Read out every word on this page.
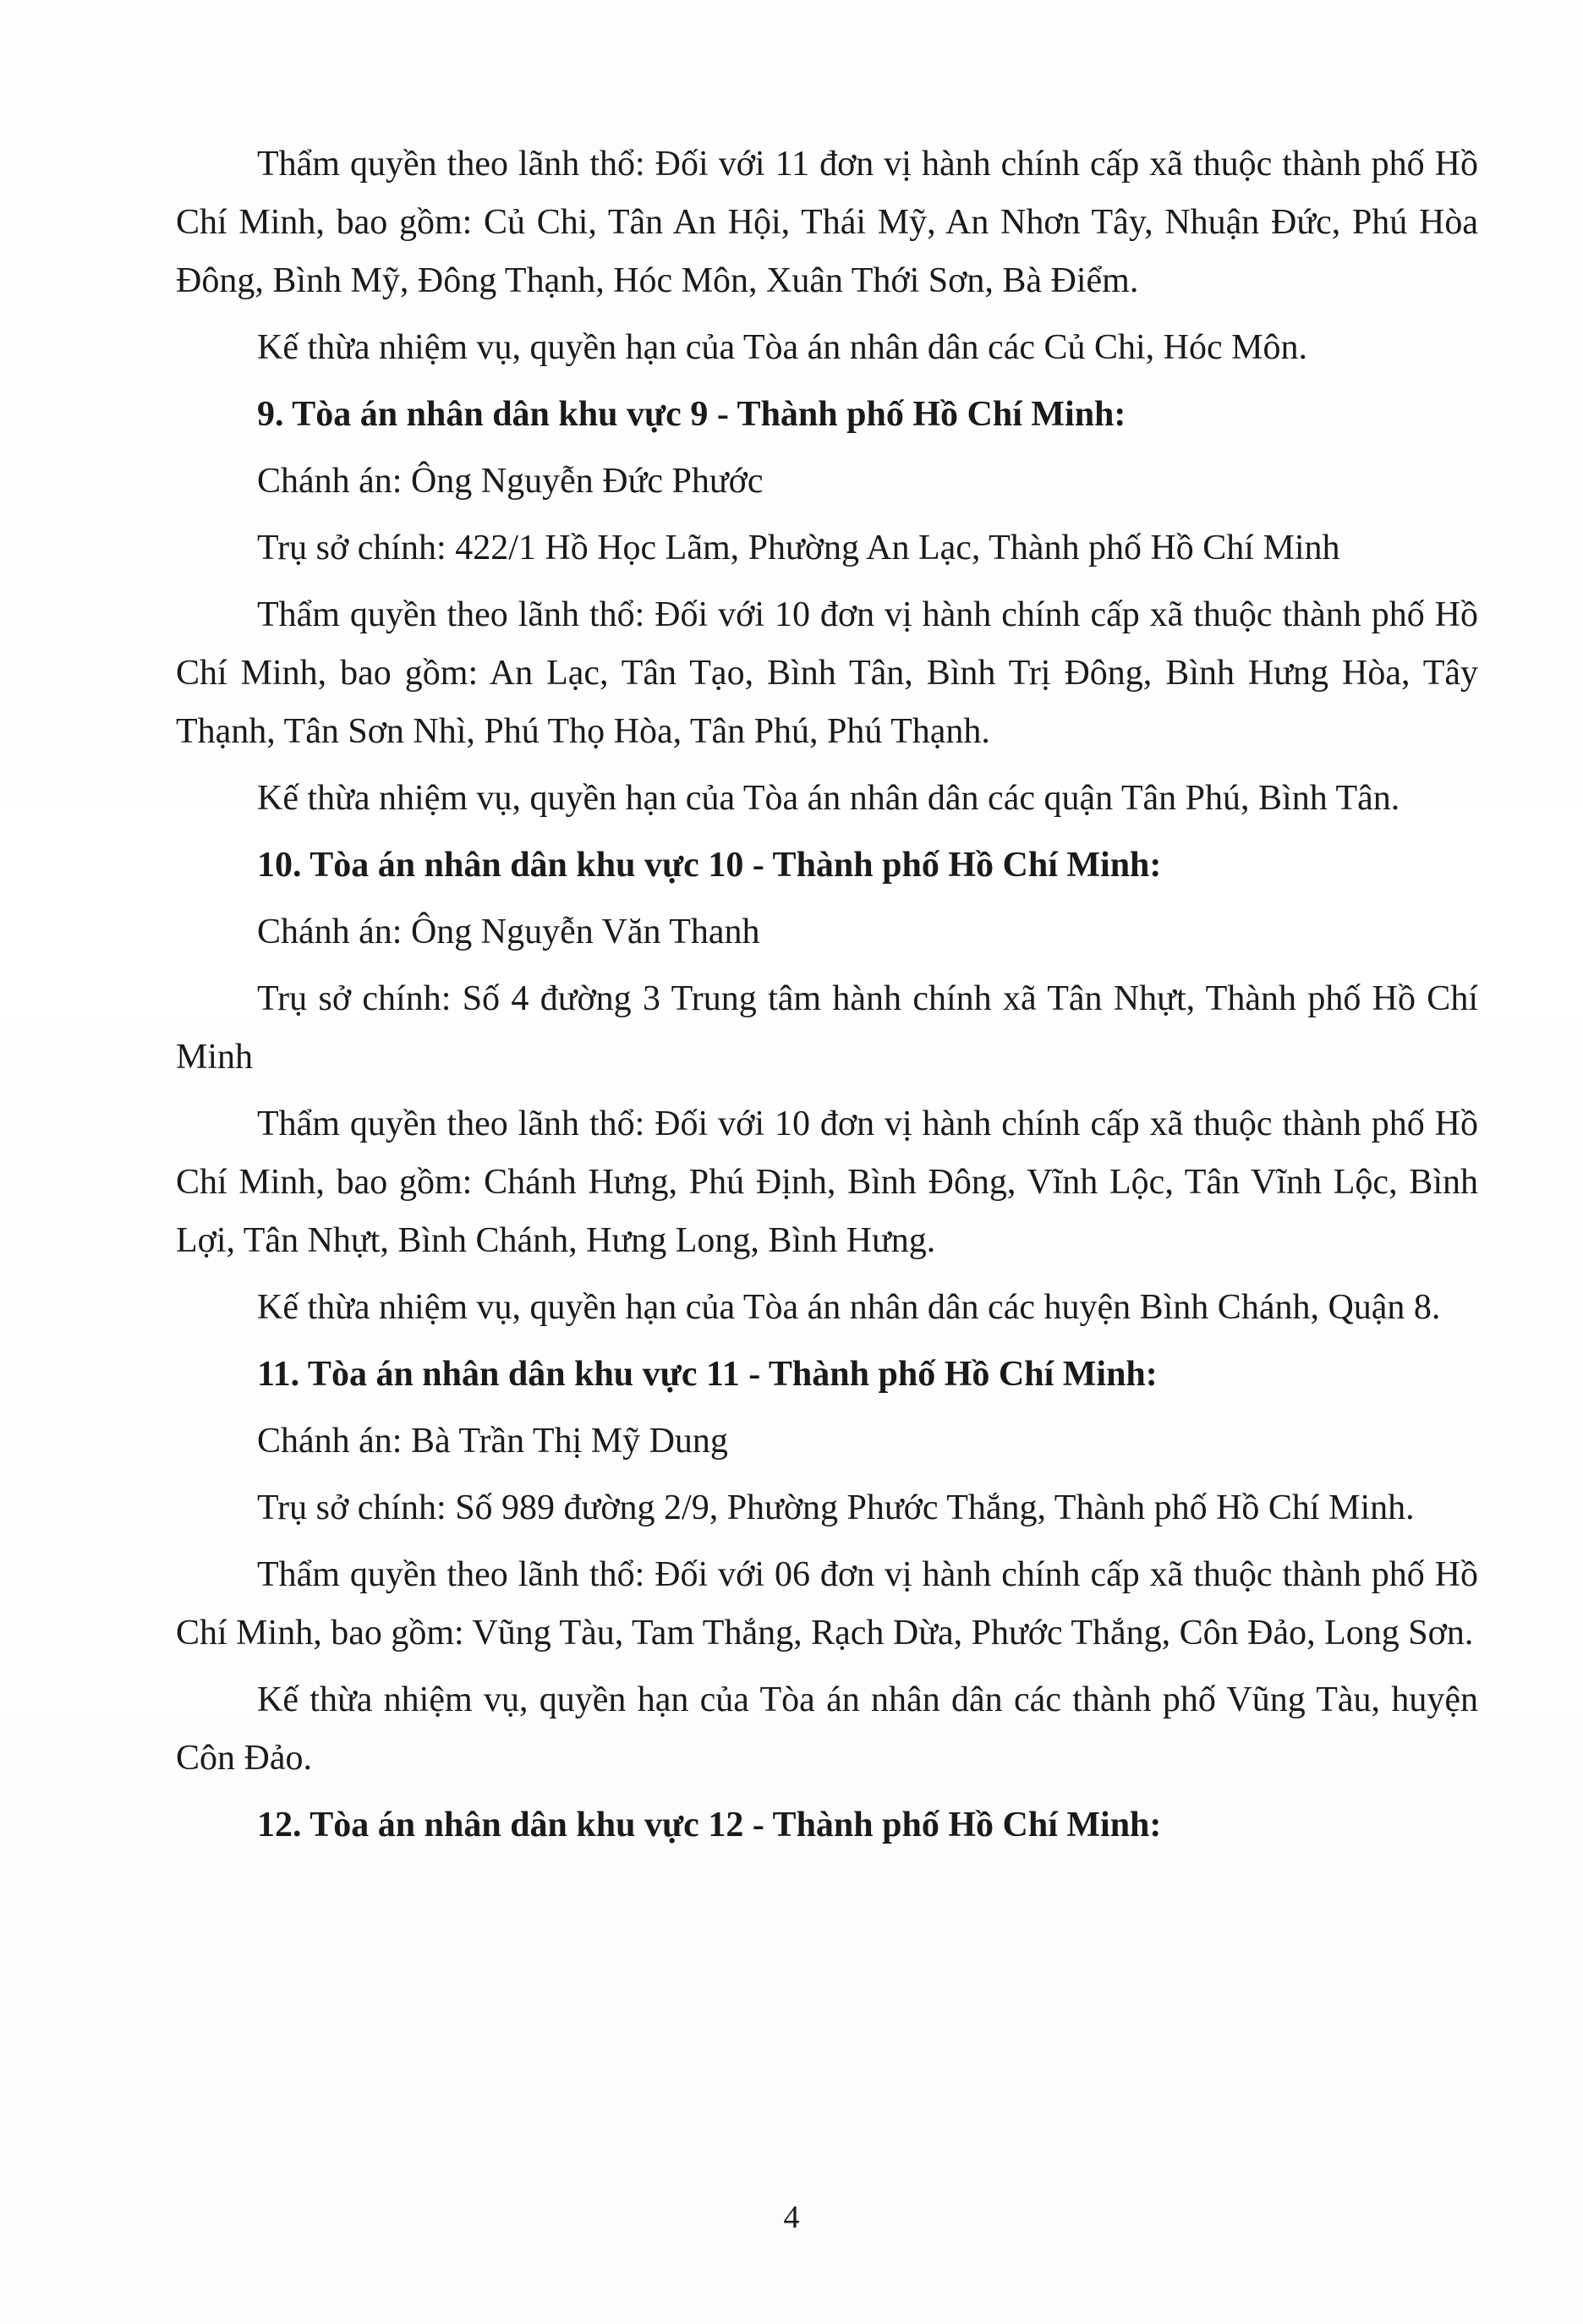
Thẩm quyền theo lãnh thổ: Đối với 11 đơn vị hành chính cấp xã thuộc thành phố Hồ Chí Minh, bao gồm: Củ Chi, Tân An Hội, Thái Mỹ, An Nhơn Tây, Nhuận Đức, Phú Hòa Đông, Bình Mỹ, Đông Thạnh, Hóc Môn, Xuân Thới Sơn, Bà Điểm.

Kế thừa nhiệm vụ, quyền hạn của Tòa án nhân dân các Củ Chi, Hóc Môn.

9. Tòa án nhân dân khu vực 9 - Thành phố Hồ Chí Minh:

Chánh án: Ông Nguyễn Đức Phước

Trụ sở chính: 422/1 Hồ Học Lãm, Phường An Lạc, Thành phố Hồ Chí Minh

Thẩm quyền theo lãnh thổ: Đối với 10 đơn vị hành chính cấp xã thuộc thành phố Hồ Chí Minh, bao gồm: An Lạc, Tân Tạo, Bình Tân, Bình Trị Đông, Bình Hưng Hòa, Tây Thạnh, Tân Sơn Nhì, Phú Thọ Hòa, Tân Phú, Phú Thạnh.

Kế thừa nhiệm vụ, quyền hạn của Tòa án nhân dân các quận Tân Phú, Bình Tân.

10. Tòa án nhân dân khu vực 10 - Thành phố Hồ Chí Minh:

Chánh án: Ông Nguyễn Văn Thanh

Trụ sở chính: Số 4 đường 3 Trung tâm hành chính xã Tân Nhựt, Thành phố Hồ Chí Minh

Thẩm quyền theo lãnh thổ: Đối với 10 đơn vị hành chính cấp xã thuộc thành phố Hồ Chí Minh, bao gồm: Chánh Hưng, Phú Định, Bình Đông, Vĩnh Lộc, Tân Vĩnh Lộc, Bình Lợi, Tân Nhựt, Bình Chánh, Hưng Long, Bình Hưng.

Kế thừa nhiệm vụ, quyền hạn của Tòa án nhân dân các huyện Bình Chánh, Quận 8.

11. Tòa án nhân dân khu vực 11 - Thành phố Hồ Chí Minh:

Chánh án: Bà Trần Thị Mỹ Dung

Trụ sở chính: Số 989 đường 2/9, Phường Phước Thắng, Thành phố Hồ Chí Minh.

Thẩm quyền theo lãnh thổ: Đối với 06 đơn vị hành chính cấp xã thuộc thành phố Hồ Chí Minh, bao gồm: Vũng Tàu, Tam Thắng, Rạch Dừa, Phước Thắng, Côn Đảo, Long Sơn.

Kế thừa nhiệm vụ, quyền hạn của Tòa án nhân dân các thành phố Vũng Tàu, huyện Côn Đảo.

12. Tòa án nhân dân khu vực 12 - Thành phố Hồ Chí Minh:

4
